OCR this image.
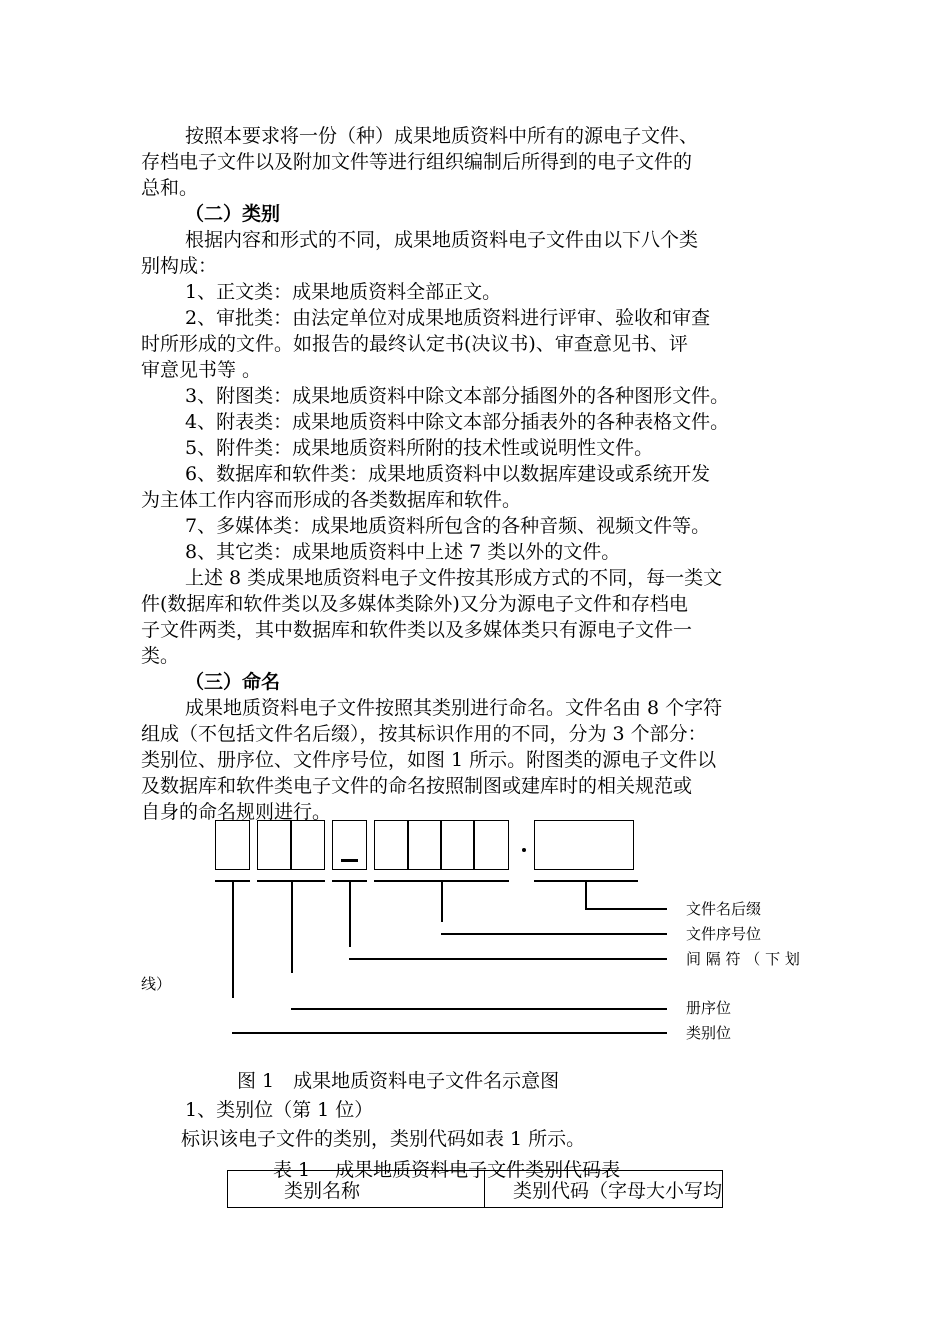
按照本要求将一份（种）成果地质资料中所有的源电子文件、

存档电子文件以及附加文件等进行组织编制后所得到的电子文件的

总和。

（二）类别

根据内容和形式的不同，成果地质资料电子文件由以下八个类

别构成：

1、正文类：成果地质资料全部正文。

2、审批类：由法定单位对成果地质资料进行评审、验收和审查

时所形成的文件。如报告的最终认定书(决议书)、审查意见书、评

审意见书等 。

3、附图类：成果地质资料中除文本部分插图外的各种图形文件。

4、附表类：成果地质资料中除文本部分插表外的各种表格文件。

5、附件类：成果地质资料所附的技术性或说明性文件。

6、数据库和软件类：成果地质资料中以数据库建设或系统开发

为主体工作内容而形成的各类数据库和软件。

7、多媒体类：成果地质资料所包含的各种音频、视频文件等。

8、其它类：成果地质资料中上述 7 类以外的文件。

上述 8 类成果地质资料电子文件按其形成方式的不同，每一类文

件(数据库和软件类以及多媒体类除外)又分为源电子文件和存档电

子文件两类，其中数据库和软件类以及多媒体类只有源电子文件一

类。

（三）命名

成果地质资料电子文件按照其类别进行命名。文件名由 8 个字符

组成（不包括文件名后缀），按其标识作用的不同，分为 3 个部分：

类别位、册序位、文件序号位，如图 1 所示。附图类的源电子文件以

及数据库和软件类电子文件的命名按照制图或建库时的相关规范或

自身的命名规则进行。

文件名后缀
文件序号位
间 隔 符 （ 下 划
线）
册序位
类别位

图 1　成果地质资料电子文件名示意图

1、类别位（第 1 位）

标识该电子文件的类别，类别代码如表 1 所示。

表 1　 成果地质资料电子文件类别代码表

类别名称	类别代码（字母大小写均
